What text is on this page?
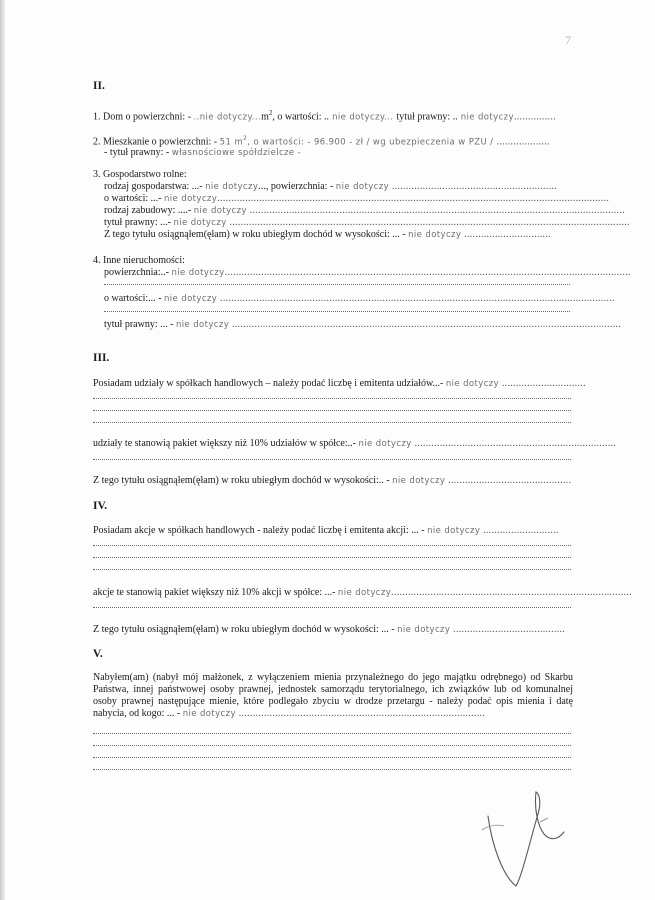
7
II.
1. Dom o powierzchni: - ..nie $dotyczy...m^2$, o wartości: .. nie dotyczy... tytuł prawny: .. nie dotyczy...............
2. Mieszkanie o powierzchni: - 51 $m^2$, o wartości: - 96.900 - zł / wg ubezpieczenia w PZU / ...................
- tytuł prawny: - własnościowe spółdzielcze -
3. Gospodarstwo rolne:
rodzaj gospodarstwa: ...- nie dotyczy..., powierzchnia: - nie dotyczy ...........................................................
o wartości: ...- nie dotyczy............................................................................................................................................
rodzaj zabudowy: ....- nie dotyczy ......................................................................................................................................
tytuł prawny: ...- nie dotyczy ...............................................................................................................................................
Z tego tytułu osiągnąłem(ęłam) w roku ubiegłym dochód w wysokości: ... - nie dotyczy ...............................
4. Inne nieruchomości:
powierzchnia:..- nie dotyczy.................................................................................................................................................
o wartości:... - nie dotyczy .............................................................................................................................................
tytuł prawny: ... - nie dotyczy ...........................................................................................................................................
III.
Posiadam udziały w spółkach handlowych – należy podać liczbę i emitenta udziałów...- nie dotyczy ..............................
udziały te stanowią pakiet większy niż 10% udziałów w spółce:..- nie dotyczy ........................................................................
Z tego tytułu osiągnąłem(ęłam) w roku ubiegłym dochód w wysokości:.. - nie dotyczy ............................................
IV.
Posiadam akcje w spółkach handlowych - należy podać liczbę i emitenta akcji: ... - nie dotyczy ...........................
akcje te stanowią pakiet większy niż 10% akcji w spółce: ...- nie dotyczy......................................................................................
Z tego tytułu osiągnąłem(ęłam) w roku ubiegłym dochód w wysokości: ... - nie dotyczy ........................................
V.
Nabyłem(am) (nabył mój małżonek, z wyłączeniem mienia przynależnego do jego majątku odrębnego) od Skarbu Państwa, innej państwowej osoby prawnej, jednostek samorządu terytorialnego, ich związków lub od komunalnej osoby prawnej następujące mienie, które podlegało zbyciu w drodze przetargu - należy podać opis mienia i datę nabycia, od kogo: ... - nie dotyczy ........................................................................................
